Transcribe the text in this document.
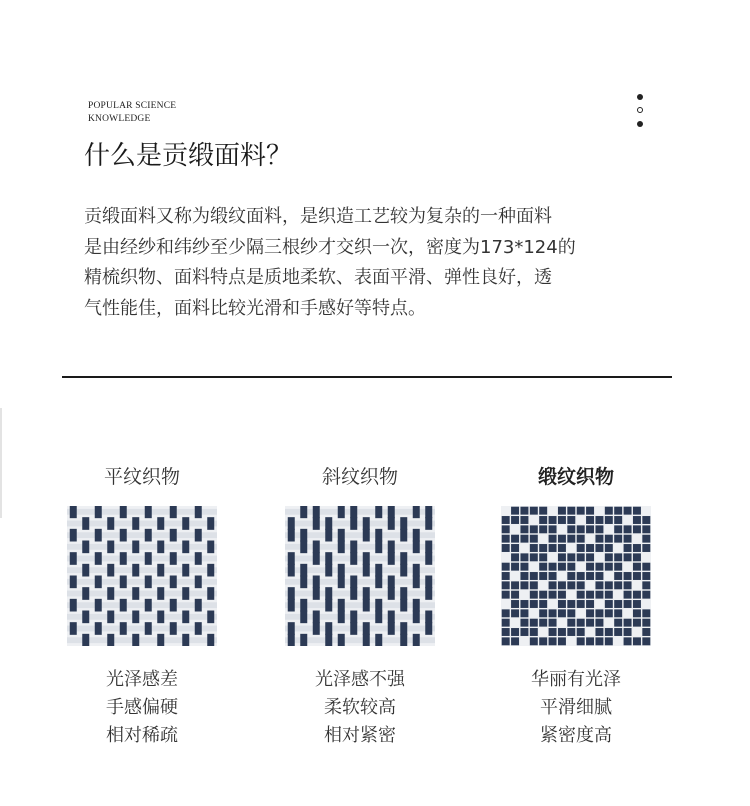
POPULAR SCIENCE
KNOWLEDGE
什么是贡缎面料？
贡缎面料又称为缎纹面料，是织造工艺较为复杂的一种面料
是由经纱和纬纱至少隔三根纱才交织一次，密度为173*124的
精梳织物、面料特点是质地柔软、表面平滑、弹性良好，透
气性能佳，面料比较光滑和手感好等特点。
平纹织物
光泽感差
手感偏硬
相对稀疏
斜纹织物
光泽感不强
柔软较高
相对紧密
缎纹织物
华丽有光泽
平滑细腻
紧密度高
